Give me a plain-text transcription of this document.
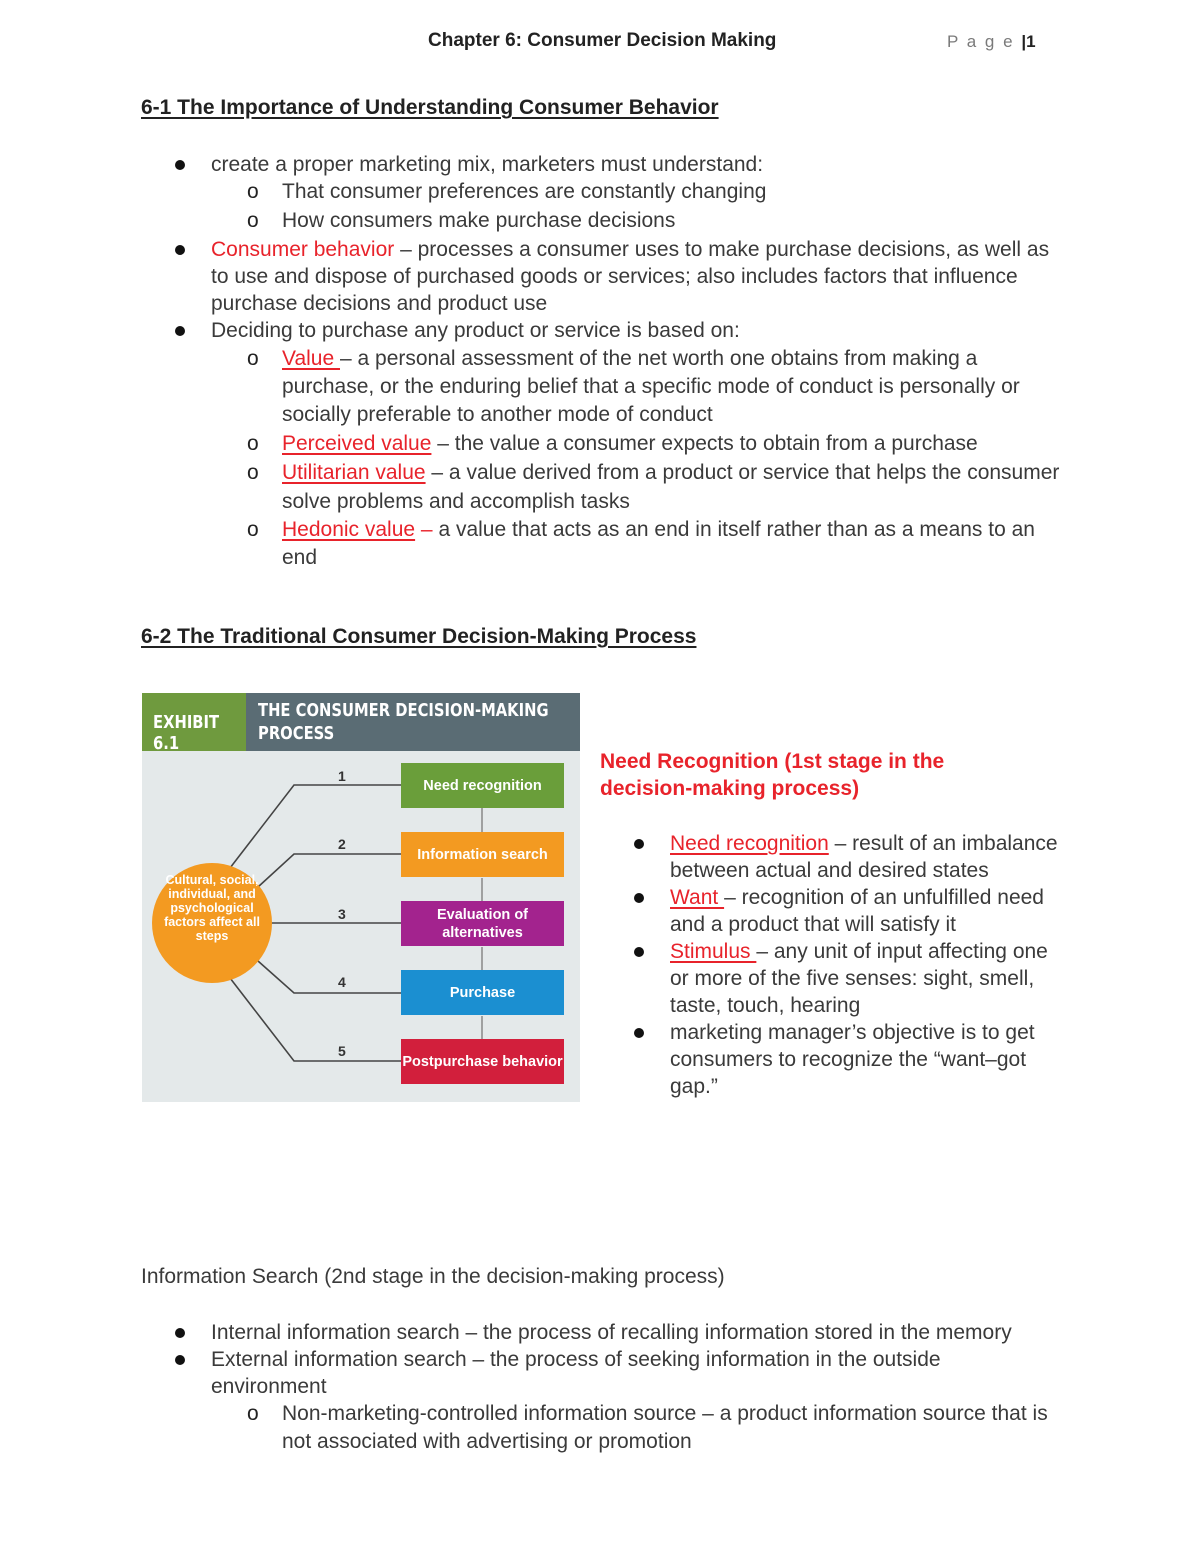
Chapter 6: Consumer Decision Making	P a g e |1
6-1 The Importance of Understanding Consumer Behavior
create a proper marketing mix, marketers must understand:
o That consumer preferences are constantly changing
o How consumers make purchase decisions
Consumer behavior – processes a consumer uses to make purchase decisions, as well as to use and dispose of purchased goods or services; also includes factors that influence purchase decisions and product use
Deciding to purchase any product or service is based on:
o Value – a personal assessment of the net worth one obtains from making a purchase, or the enduring belief that a specific mode of conduct is personally or socially preferable to another mode of conduct
o Perceived value – the value a consumer expects to obtain from a purchase
o Utilitarian value – a value derived from a product or service that helps the consumer solve problems and accomplish tasks
o Hedonic value – a value that acts as an end in itself rather than as a means to an end
6-2 The Traditional Consumer Decision-Making Process
EXHIBIT 6.1
THE CONSUMER DECISION-MAKING PROCESS
Cultural, social, individual, and psychological factors affect all steps
1
Need recognition
2
Information search
3	Evaluation of alternatives
4
Purchase
5
Postpurchase behavior
Need Recognition (1st stage in the decision-making process)
Need recognition – result of an imbalance between actual and desired states
Want – recognition of an unfulfilled need and a product that will satisfy it
Stimulus – any unit of input affecting one or more of the five senses: sight, smell, taste, touch, hearing
marketing manager’s objective is to get consumers to recognize the “want–got gap.”
Information Search (2nd stage in the decision-making process)
Internal information search – the process of recalling information stored in the memory
External information search – the process of seeking information in the outside environment
o Non-marketing-controlled information source – a product information source that is not associated with advertising or promotion
